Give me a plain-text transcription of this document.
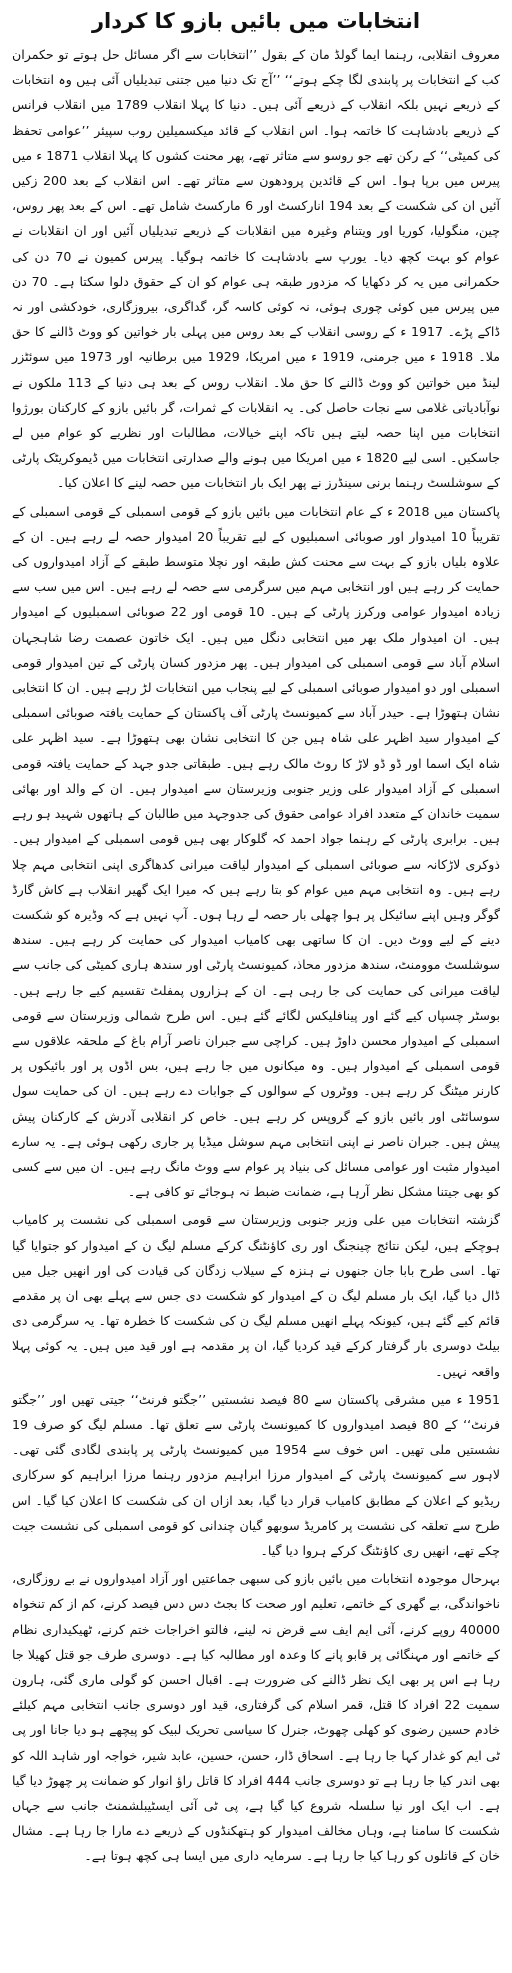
انتخابات میں بائیں بازو کا کردار

معروف انقلابی، رہنما ایما گولڈ مان کے بقول ’’انتخابات سے اگر مسائل حل ہوتے تو حکمران کب کے انتخابات پر پابندی لگا چکے ہوتے‘‘ ’’آج تک دنیا میں جتنی تبدیلیاں آئی ہیں وہ انتخابات کے ذریعے نہیں بلکہ انقلاب کے ذریعے آئی ہیں۔ دنیا کا پہلا انقلاب 1789 میں انقلاب فرانس کے ذریعے بادشاہت کا خاتمہ ہوا۔ اس انقلاب کے قائد میکسمیلین روب سپیئر ’’عوامی تحفظ کی کمیٹی‘‘ کے رکن تھے جو روسو سے متاثر تھے، پھر محنت کشوں کا پہلا انقلاب 1871 ء میں پیرس میں برپا ہوا۔ اس کے قائدین پرودھون سے متاثر تھے۔ اس انقلاب کے بعد 200 زکیں آئیں ان کی شکست کے بعد 194 انارکسٹ اور 6 مارکسٹ شامل تھے۔ اس کے بعد پھر روس، چین، منگولیا، کوریا اور ویتنام وغیرہ میں انقلابات کے ذریعے تبدیلیاں آئیں اور ان انقلابات نے عوام کو بہت کچھ دیا۔ یورپ سے بادشاہت کا خاتمہ ہوگیا۔ پیرس کمیون نے 70 دن کی حکمرانی میں یہ کر دکھایا کہ مزدور طبقہ ہی عوام کو ان کے حقوق دلوا سکتا ہے۔ 70 دن میں پیرس میں کوئی چوری ہوئی، نہ کوئی کاسہ گر، گداگری، بیروزگاری، خودکشی اور نہ ڈاکے پڑے۔ 1917 ء کے روسی انقلاب کے بعد روس میں پہلی بار خواتین کو ووٹ ڈالنے کا حق ملا۔ 1918 ء میں جرمنی، 1919 ء میں امریکا، 1929 میں برطانیہ اور 1973 میں سوئٹزر لینڈ میں خواتین کو ووٹ ڈالنے کا حق ملا۔ انقلاب روس کے بعد ہی دنیا کے 113 ملکوں نے نوآبادیاتی غلامی سے نجات حاصل کی۔ یہ انقلابات کے ثمرات، گر بائیں بازو کے کارکنان بورژوا انتخابات میں اپنا حصہ لیتے ہیں تاکہ اپنے خیالات، مطالبات اور نظریے کو عوام میں لے جاسکیں۔ اسی لیے 1820 ء میں امریکا میں ہونے والے صدارتی انتخابات میں ڈیموکریٹک پارٹی کے سوشلسٹ رہنما برنی سینڈرز نے پھر ایک بار انتخابات میں حصہ لینے کا اعلان کیا۔

پاکستان میں 2018 ء کے عام انتخابات میں بائیں بازو کے قومی اسمبلی کے قومی اسمبلی کے تقریباً 10 امیدوار اور صوبائی اسمبلیوں کے لیے تقریباً 20 امیدوار حصہ لے رہے ہیں۔ ان کے علاوہ بلیاں بازو کے بہت سے محنت کش طبقہ اور نچلا متوسط طبقے کے آزاد امیدواروں کی حمایت کر رہے ہیں اور انتخابی مہم میں سرگرمی سے حصہ لے رہے ہیں۔ اس میں سب سے زیادہ امیدوار عوامی ورکرز پارٹی کے ہیں۔ 10 قومی اور 22 صوبائی اسمبلیوں کے امیدوار ہیں۔ ان امیدوار ملک بھر میں انتخابی دنگل میں ہیں۔ ایک خاتون عصمت رضا شاہجہان اسلام آباد سے قومی اسمبلی کی امیدوار ہیں۔ پھر مزدور کسان پارٹی کے تین امیدوار قومی اسمبلی اور دو امیدوار صوبائی اسمبلی کے لیے پنجاب میں انتخابات لڑ رہے ہیں۔ ان کا انتخابی نشان ہتھوڑا ہے۔ حیدر آباد سے کمیونسٹ پارٹی آف پاکستان کے حمایت یافتہ صوبائی اسمبلی کے امیدوار سید اظہر علی شاہ ہیں جن کا انتخابی نشان بھی ہتھوڑا ہے۔ سید اظہر علی شاہ ایک اسما اور ڈو ڈو لاڑ کا روٹ مالک رہے ہیں۔ طبقاتی جدو جہد کے حمایت یافتہ قومی اسمبلی کے آزاد امیدوار علی وزیر جنوبی وزیرستان سے امیدوار ہیں۔ ان کے والد اور بھائی سمیت خاندان کے متعدد افراد عوامی حقوق کی جدوجہد میں طالبان کے ہاتھوں شہید ہو رہے ہیں۔ برابری پارٹی کے رہنما جواد احمد کہ گلوکار بھی ہیں قومی اسمبلی کے امیدوار ہیں۔ ذوکری لاڑکانہ سے صوبائی اسمبلی کے امیدوار لیاقت میرانی کدھاگری اپنی انتخابی مہم چلا رہے ہیں۔ وہ انتخابی مہم میں عوام کو بتا رہے ہیں کہ میرا ایک گھیر انقلاب ہے کاش گارڈ گوگر وہیں اپنے سائیکل پر ہوا چھلی بار حصہ لے رہا ہوں۔ آپ نہیں ہے کہ وڈیرہ کو شکست دینے کے لیے ووٹ دیں۔ ان کا ساتھی بھی کامیاب امیدوار کی حمایت کر رہے ہیں۔ سندھ سوشلسٹ موومنٹ، سندھ مزدور محاذ، کمیونسٹ پارٹی اور سندھ ہاری کمیٹی کی جانب سے لیاقت میرانی کی حمایت کی جا رہی ہے۔ ان کے ہزاروں پمفلٹ تقسیم کیے جا رہے ہیں۔ بوسٹر چسپاں کیے گئے اور پینافلیکس لگائے گئے ہیں۔ اس طرح شمالی وزیرستان سے قومی اسمبلی کے امیدوار محسن داوڑ ہیں۔ کراچی سے جبران ناصر آرام باغ کے ملحقہ علاقوں سے قومی اسمبلی کے امیدوار ہیں۔ وہ میکانوں میں جا رہے ہیں، بس اڈوں پر اور بائیکوں پر کارنر میٹنگ کر رہے ہیں۔ ووٹروں کے سوالوں کے جوابات دے رہے ہیں۔ ان کی حمایت سول سوسائٹی اور بائیں بازو کے گروپس کر رہے ہیں۔ خاص کر انقلابی آدرش کے کارکنان پیش پیش ہیں۔ جبران ناصر نے اپنی انتخابی مہم سوشل میڈیا پر جاری رکھی ہوئی ہے۔ یہ سارے امیدوار مثبت اور عوامی مسائل کی بنیاد پر عوام سے ووٹ مانگ رہے ہیں۔ ان میں سے کسی کو بھی جیتنا مشکل نظر آرہا ہے، ضمانت ضبط نہ ہوجائے تو کافی ہے۔

گزشتہ انتخابات میں علی وزیر جنوبی وزیرستان سے قومی اسمبلی کی نشست پر کامیاب ہوچکے ہیں، لیکن نتائج چینجنگ اور ری کاؤنٹنگ کرکے مسلم لیگ ن کے امیدوار کو جتوایا گیا تھا۔ اسی طرح بابا جان جنھوں نے ہنزہ کے سیلاب زدگان کی قیادت کی اور انھیں جیل میں ڈال دیا گیا، ایک بار مسلم لیگ ن کے امیدوار کو شکست دی جس سے پہلے بھی ان پر مقدمے قائم کیے گئے ہیں، کیونکہ پہلے انھیں مسلم لیگ ن کی شکست کا خطرہ تھا۔ یہ سرگرمی دی بیلٹ دوسری بار گرفتار کرکے قید کردیا گیا، ان پر مقدمہ ہے اور قید میں ہیں۔ یہ کوئی پہلا واقعہ نہیں۔

1951 ء میں مشرقی پاکستان سے 80 فیصد نشستیں ’’جگتو فرنٹ‘‘ جیتی تھیں اور ’’جگتو فرنٹ‘‘ کے 80 فیصد امیدواروں کا کمیونسٹ پارٹی سے تعلق تھا۔ مسلم لیگ کو صرف 19 نشستیں ملی تھیں۔ اس خوف سے 1954 میں کمیونسٹ پارٹی پر پابندی لگادی گئی تھی۔ لاہور سے کمیونسٹ پارٹی کے امیدوار مرزا ابراہیم مزدور رہنما مرزا ابراہیم کو سرکاری ریڈیو کے اعلان کے مطابق کامیاب قرار دیا گیا، بعد ازاں ان کی شکست کا اعلان کیا گیا۔ اس طرح سے تعلقہ کی نشست پر کامریڈ سوبھو گیان چندانی کو قومی اسمبلی کی نشست جیت چکے تھے، انھیں ری کاؤنٹنگ کرکے ہروا دیا گیا۔

بہرحال موجودہ انتخابات میں بائیں بازو کی سبھی جماعتیں اور آزاد امیدواروں نے بے روزگاری، ناخواندگی، بے گھری کے خاتمے، تعلیم اور صحت کا بجٹ دس دس فیصد کرنے، کم از کم تنخواہ 40000 روپے کرنے، آئی ایم ایف سے قرض نہ لینے، فالتو اخراجات ختم کرنے، ٹھیکیداری نظام کے خاتمے اور مہنگائی پر قابو پانے کا وعدہ اور مطالبہ کیا ہے۔ دوسری طرف جو قتل کھیلا جا رہا ہے اس پر بھی ایک نظر ڈالنے کی ضرورت ہے۔ اقبال احسن کو گولی ماری گئی، ہارون سمیت 22 افراد کا قتل، قمر اسلام کی گرفتاری، قید اور دوسری جانب انتخابی مہم کیلئے خادم حسین رضوی کو کھلی چھوٹ، جنرل کا سیاسی تحریک لبیک کو پیچھے ہو دیا جانا اور پی ٹی ایم کو غدار کہا جا رہا ہے۔ اسحاق ڈار، حسن، حسین، عابد شیر، خواجہ اور شاہد اللہ کو بھی اندر کیا جا رہا ہے تو دوسری جانب 444 افراد کا قاتل راؤ انوار کو ضمانت پر چھوڑ دیا گیا ہے۔ اب ایک اور نیا سلسلہ شروع کیا گیا ہے، پی ٹی آئی ایسٹیبلشمنٹ جانب سے جہاں شکست کا سامنا ہے، وہاں مخالف امیدوار کو ہتھکنڈوں کے ذریعے دے مارا جا رہا ہے۔ مشال خان کے قاتلوں کو رہا کیا جا رہا ہے۔ سرمایہ داری میں ایسا ہی کچھ ہوتا ہے۔
